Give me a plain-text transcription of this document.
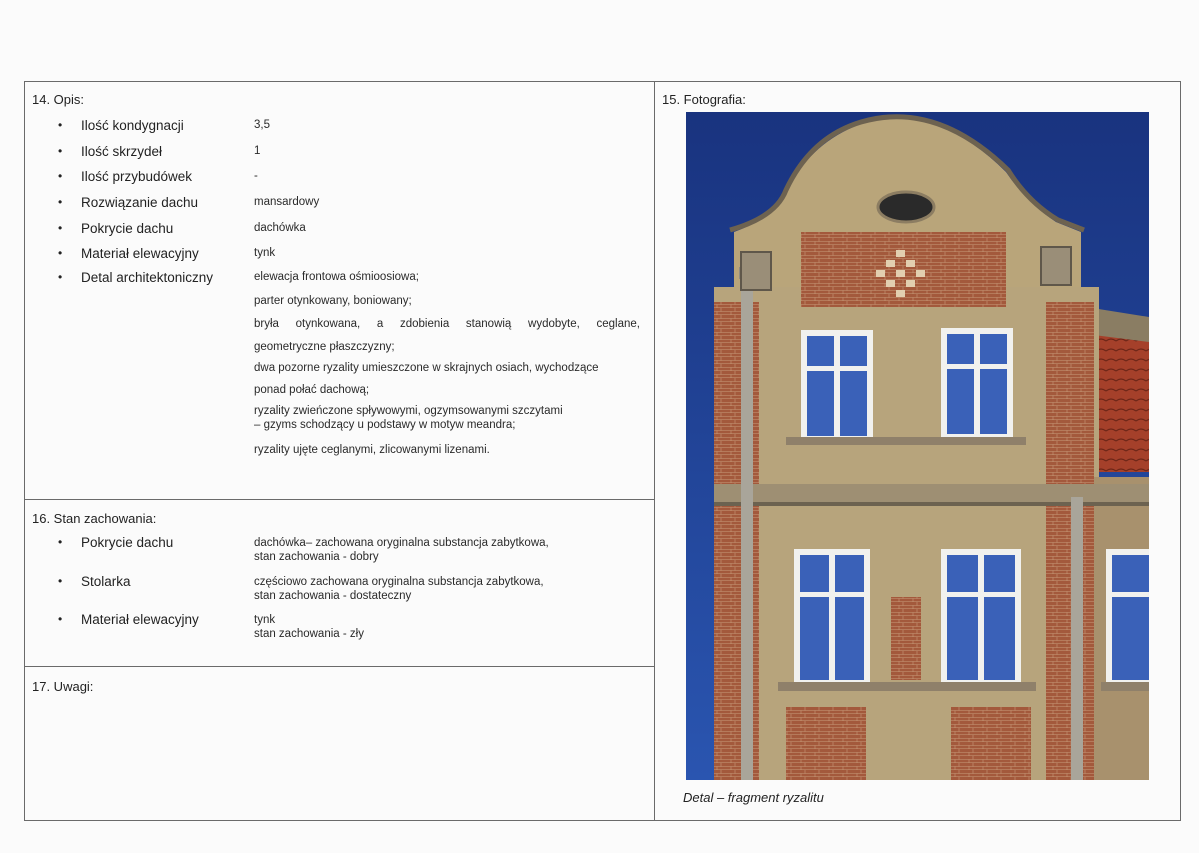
14. Opis:
• Ilość kondygnacji	3,5
• Ilość skrzydeł	1
• Ilość przybudówek	-
• Rozwiązanie dachu	mansardowy
• Pokrycie dachu	dachówka
• Materiał elewacyjny	tynk
• Detal architektoniczny	elewacja frontowa ośmioosiowa;
parter otynkowany, boniowany;
bryła otynkowana, a zdobienia stanowią wydobyte, ceglane,
geometryczne płaszczyzny;
dwa pozorne ryzality umieszczone w skrajnych osiach, wychodzące
ponad połać dachową;
ryzality zwieńczone spływowymi, ogzymsowanymi szczytami
– gzyms schodzący u podstawy w motyw meandra;
ryzality ujęte ceglanymi, zlicowanymi lizenami.
16. Stan zachowania:
• Pokrycie dachu	dachówka– zachowana oryginalna substancja zabytkowa,
stan zachowania - dobry
• Stolarka	częściowo zachowana oryginalna substancja zabytkowa,
stan zachowania - dostateczny
• Materiał elewacyjny	tynk
stan zachowania - zły
17. Uwagi:
15. Fotografia:
Detal – fragment ryzalitu
